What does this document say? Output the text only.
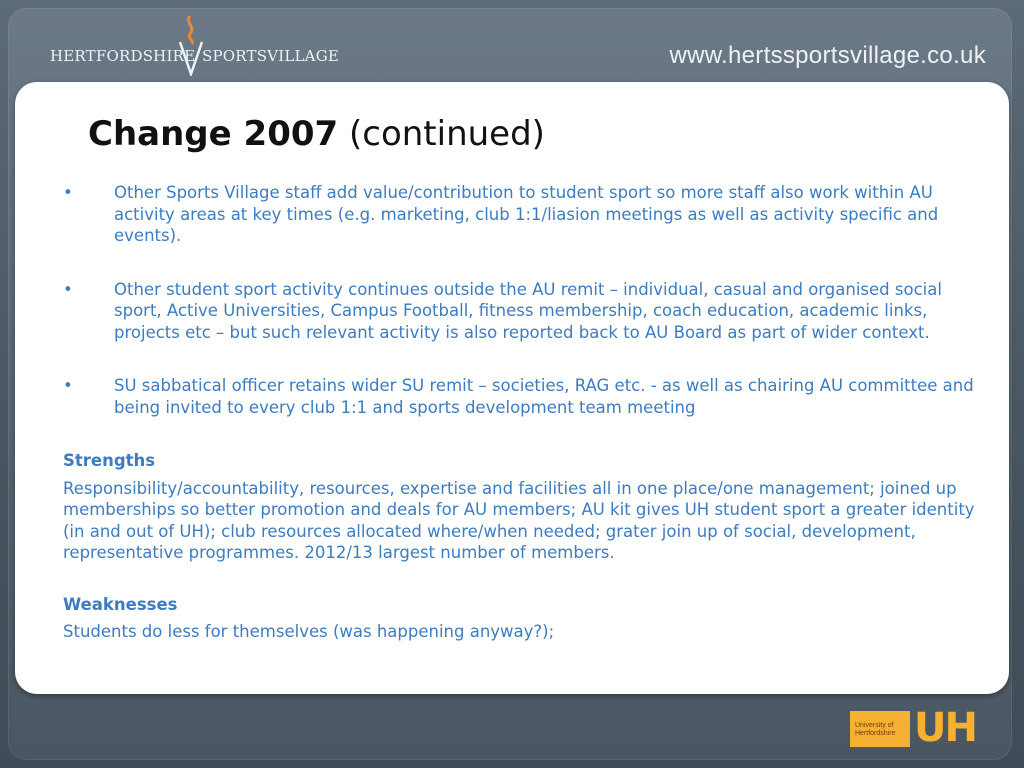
HERTFORDSHIRE SPORTSVILLAGE	www.hertssportsvillage.co.uk
Change 2007 (continued)
•	Other Sports Village staff add value/contribution to student sport so more staff also work within AU activity areas at key times (e.g. marketing, club 1:1/liasion meetings as well as activity specific and events).
•	Other student sport activity continues outside the AU remit – individual, casual and organised social sport, Active Universities, Campus Football, fitness membership, coach education, academic links, projects etc – but such relevant activity is also reported back to AU Board as part of wider context.
•	SU sabbatical officer retains wider SU remit – societies, RAG etc. - as well as chairing AU committee and being invited to every club 1:1 and sports development team meeting

Strengths

Responsibility/accountability, resources, expertise and facilities all in one place/one management; joined up memberships so better promotion and deals for AU members; AU kit gives UH student sport a greater identity (in and out of UH); club resources allocated where/when needed; grater join up of social, development, representative programmes. 2012/13 largest number of members.

Weaknesses

Students do less for themselves (was happening anyway?);

University of
Hertfordshire UH
